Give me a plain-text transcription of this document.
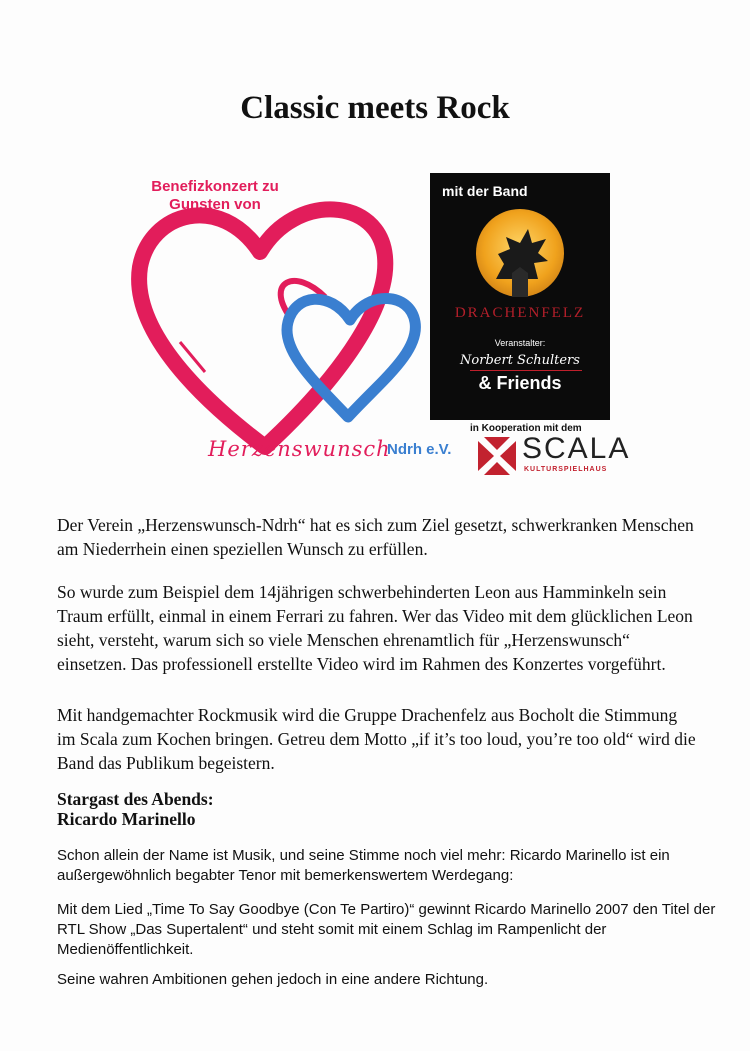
Classic meets Rock
Benefizkonzert zu Gunsten von
Herzenswunsch
Ndrh e.V.
mit der Band
DRACHENFELZ
Veranstalter:
Norbert Schulters
& Friends
in Kooperation mit dem
SCALA
KULTURSPIELHAUS

Der Verein „Herzenswunsch-Ndrh“ hat es sich zum Ziel gesetzt, schwerkranken Menschen am Niederrhein einen speziellen Wunsch zu erfüllen.

So wurde zum Beispiel dem 14jährigen schwerbehinderten Leon aus Hamminkeln sein Traum erfüllt, einmal in einem Ferrari zu fahren. Wer das Video mit dem glücklichen Leon sieht, versteht, warum sich so viele Menschen ehrenamtlich für „Herzenswunsch“ einsetzen. Das professionell erstellte Video wird im Rahmen des Konzertes vorgeführt.

Mit handgemachter Rockmusik wird die Gruppe Drachenfelz aus Bocholt die Stimmung im Scala zum Kochen bringen. Getreu dem Motto „if it’s too loud, you’re too old“ wird die Band das Publikum begeistern.

Stargast des Abends:
Ricardo Marinello

Schon allein der Name ist Musik, und seine Stimme noch viel mehr: Ricardo Marinello ist ein außergewöhnlich begabter Tenor mit bemerkenswertem Werdegang:

Mit dem Lied „Time To Say Goodbye (Con Te Partiro)“ gewinnt Ricardo Marinello 2007 den Titel der RTL Show „Das Supertalent“ und steht somit mit einem Schlag im Rampenlicht der Medienöffentlichkeit.

Seine wahren Ambitionen gehen jedoch in eine andere Richtung.
